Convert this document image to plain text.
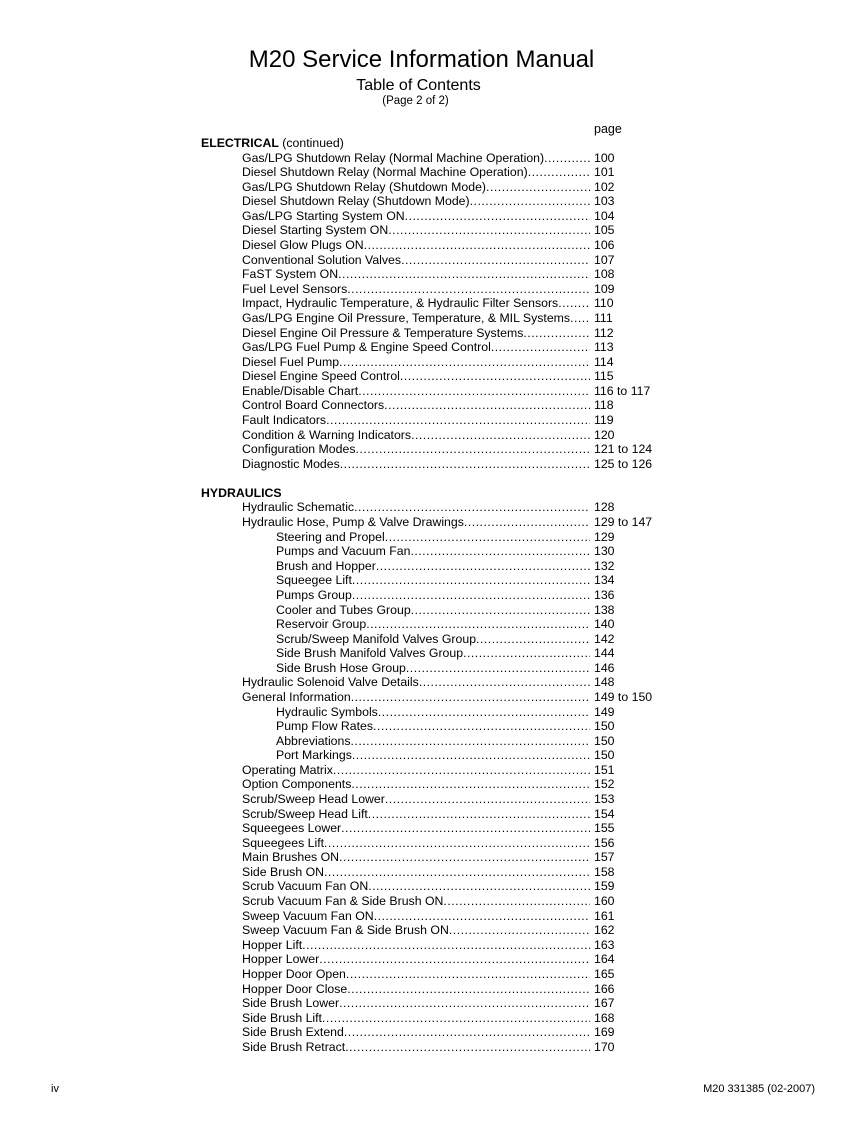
M20 Service Information Manual
Table of Contents
(Page 2 of 2)
page
ELECTRICAL (continued)
Gas/LPG Shutdown Relay (Normal Machine Operation) .....	100
Diesel Shutdown Relay (Normal Machine Operation) .....	101
Gas/LPG Shutdown Relay (Shutdown Mode) .....	102
Diesel Shutdown Relay (Shutdown Mode) .....	103
Gas/LPG Starting System ON .....	104
Diesel Starting System ON .....	105
Diesel Glow Plugs ON .....	106
Conventional Solution Valves .....	107
FaST System ON .....	108
Fuel Level Sensors .....	109
Impact, Hydraulic Temperature, & Hydraulic Filter Sensors .....	110
Gas/LPG Engine Oil Pressure, Temperature, & MIL Systems .....	111
Diesel Engine Oil Pressure & Temperature Systems .....	112
Gas/LPG Fuel Pump & Engine Speed Control .....	113
Diesel Fuel Pump .....	114
Diesel Engine Speed Control .....	115
Enable/Disable Chart .....	116 to 117
Control Board Connectors .....	118
Fault Indicators .....	119
Condition & Warning Indicators .....	120
Configuration Modes .....	121 to 124
Diagnostic Modes .....	125 to 126
HYDRAULICS
Hydraulic Schematic .....	128
Hydraulic Hose, Pump & Valve Drawings .....	129 to 147
Steering and Propel .....	129
Pumps and Vacuum Fan .....	130
Brush and Hopper .....	132
Squeegee Lift .....	134
Pumps Group .....	136
Cooler and Tubes Group .....	138
Reservoir Group .....	140
Scrub/Sweep Manifold Valves Group .....	142
Side Brush Manifold Valves Group .....	144
Side Brush Hose Group .....	146
Hydraulic Solenoid Valve Details .....	148
General Information .....	149 to 150
Hydraulic Symbols .....	149
Pump Flow Rates .....	150
Abbreviations .....	150
Port Markings .....	150
Operating Matrix .....	151
Option Components .....	152
Scrub/Sweep Head Lower .....	153
Scrub/Sweep Head Lift .....	154
Squeegees Lower .....	155
Squeegees Lift .....	156
Main Brushes ON .....	157
Side Brush ON .....	158
Scrub Vacuum Fan ON .....	159
Scrub Vacuum Fan & Side Brush ON .....	160
Sweep Vacuum Fan ON .....	161
Sweep Vacuum Fan & Side Brush ON .....	162
Hopper Lift .....	163
Hopper Lower .....	164
Hopper Door Open .....	165
Hopper Door Close .....	166
Side Brush Lower .....	167
Side Brush Lift .....	168
Side Brush Extend .....	169
Side Brush Retract .....	170
iv	M20 331385 (02-2007)
